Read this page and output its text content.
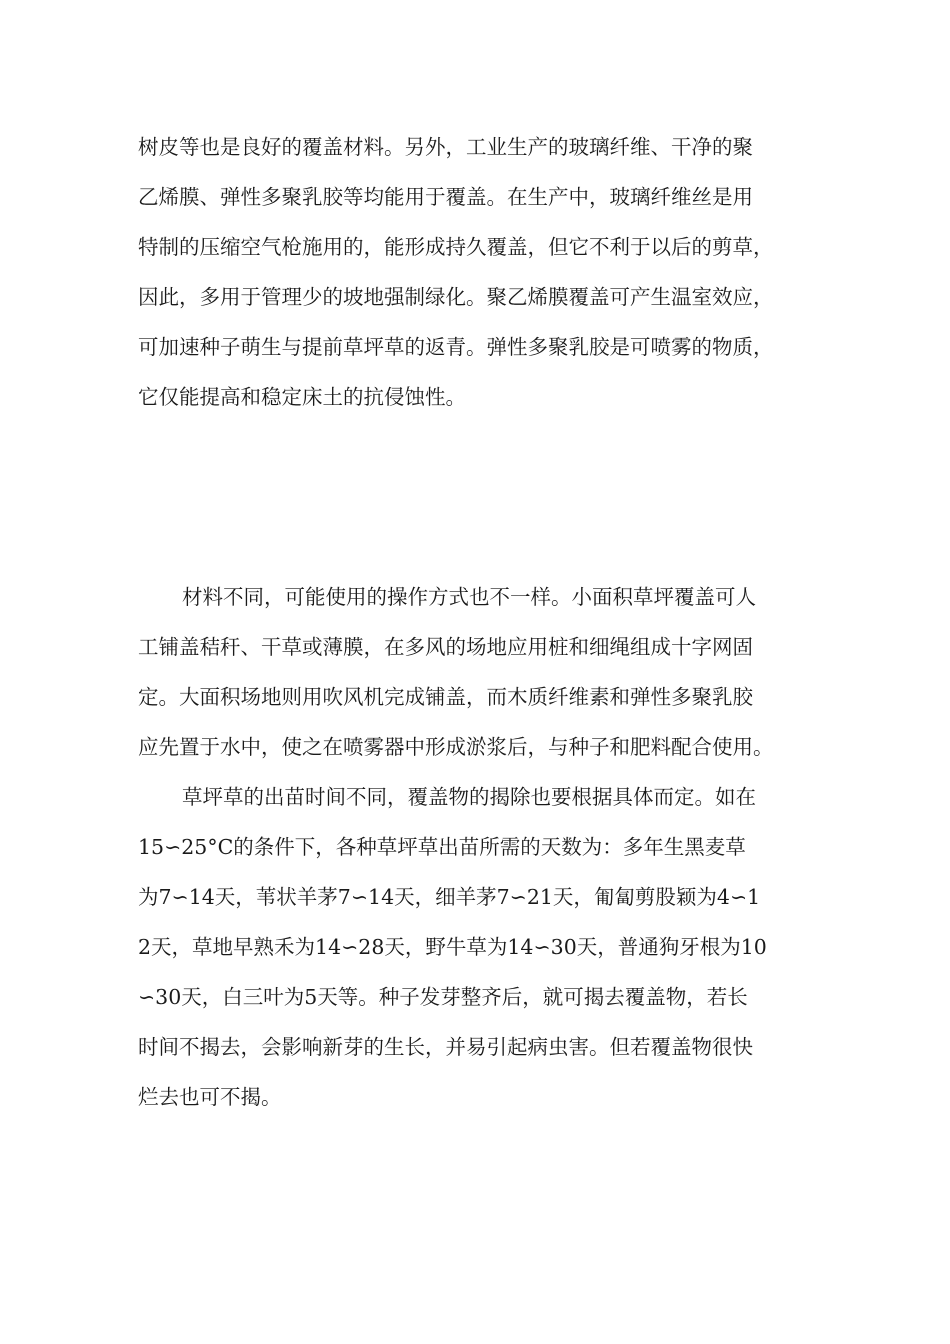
树皮等也是良好的覆盖材料。另外，工业生产的玻璃纤维、干净的聚
乙烯膜、弹性多聚乳胶等均能用于覆盖。在生产中，玻璃纤维丝是用
特制的压缩空气枪施用的，能形成持久覆盖，但它不利于以后的剪草，
因此，多用于管理少的坡地强制绿化。聚乙烯膜覆盖可产生温室效应，
可加速种子萌生与提前草坪草的返青。弹性多聚乳胶是可喷雾的物质，
它仅能提高和稳定床土的抗侵蚀性。
材料不同，可能使用的操作方式也不一样。小面积草坪覆盖可人
工铺盖秸秆、干草或薄膜，在多风的场地应用桩和细绳组成十字网固
定。大面积场地则用吹风机完成铺盖，而木质纤维素和弹性多聚乳胶
应先置于水中，使之在喷雾器中形成淤浆后，与种子和肥料配合使用。
草坪草的出苗时间不同，覆盖物的揭除也要根据具体而定。如在
15∽25°C的条件下，各种草坪草出苗所需的天数为：多年生黑麦草
为7∽14天，苇状羊茅7∽14天，细羊茅7∽21天，匍匐剪股颖为4∽1
2天，草地早熟禾为14∽28天，野牛草为14∽30天，普通狗牙根为10
∽30天，白三叶为5天等。种子发芽整齐后，就可揭去覆盖物，若长
时间不揭去，会影响新芽的生长，并易引起病虫害。但若覆盖物很快
烂去也可不揭。
